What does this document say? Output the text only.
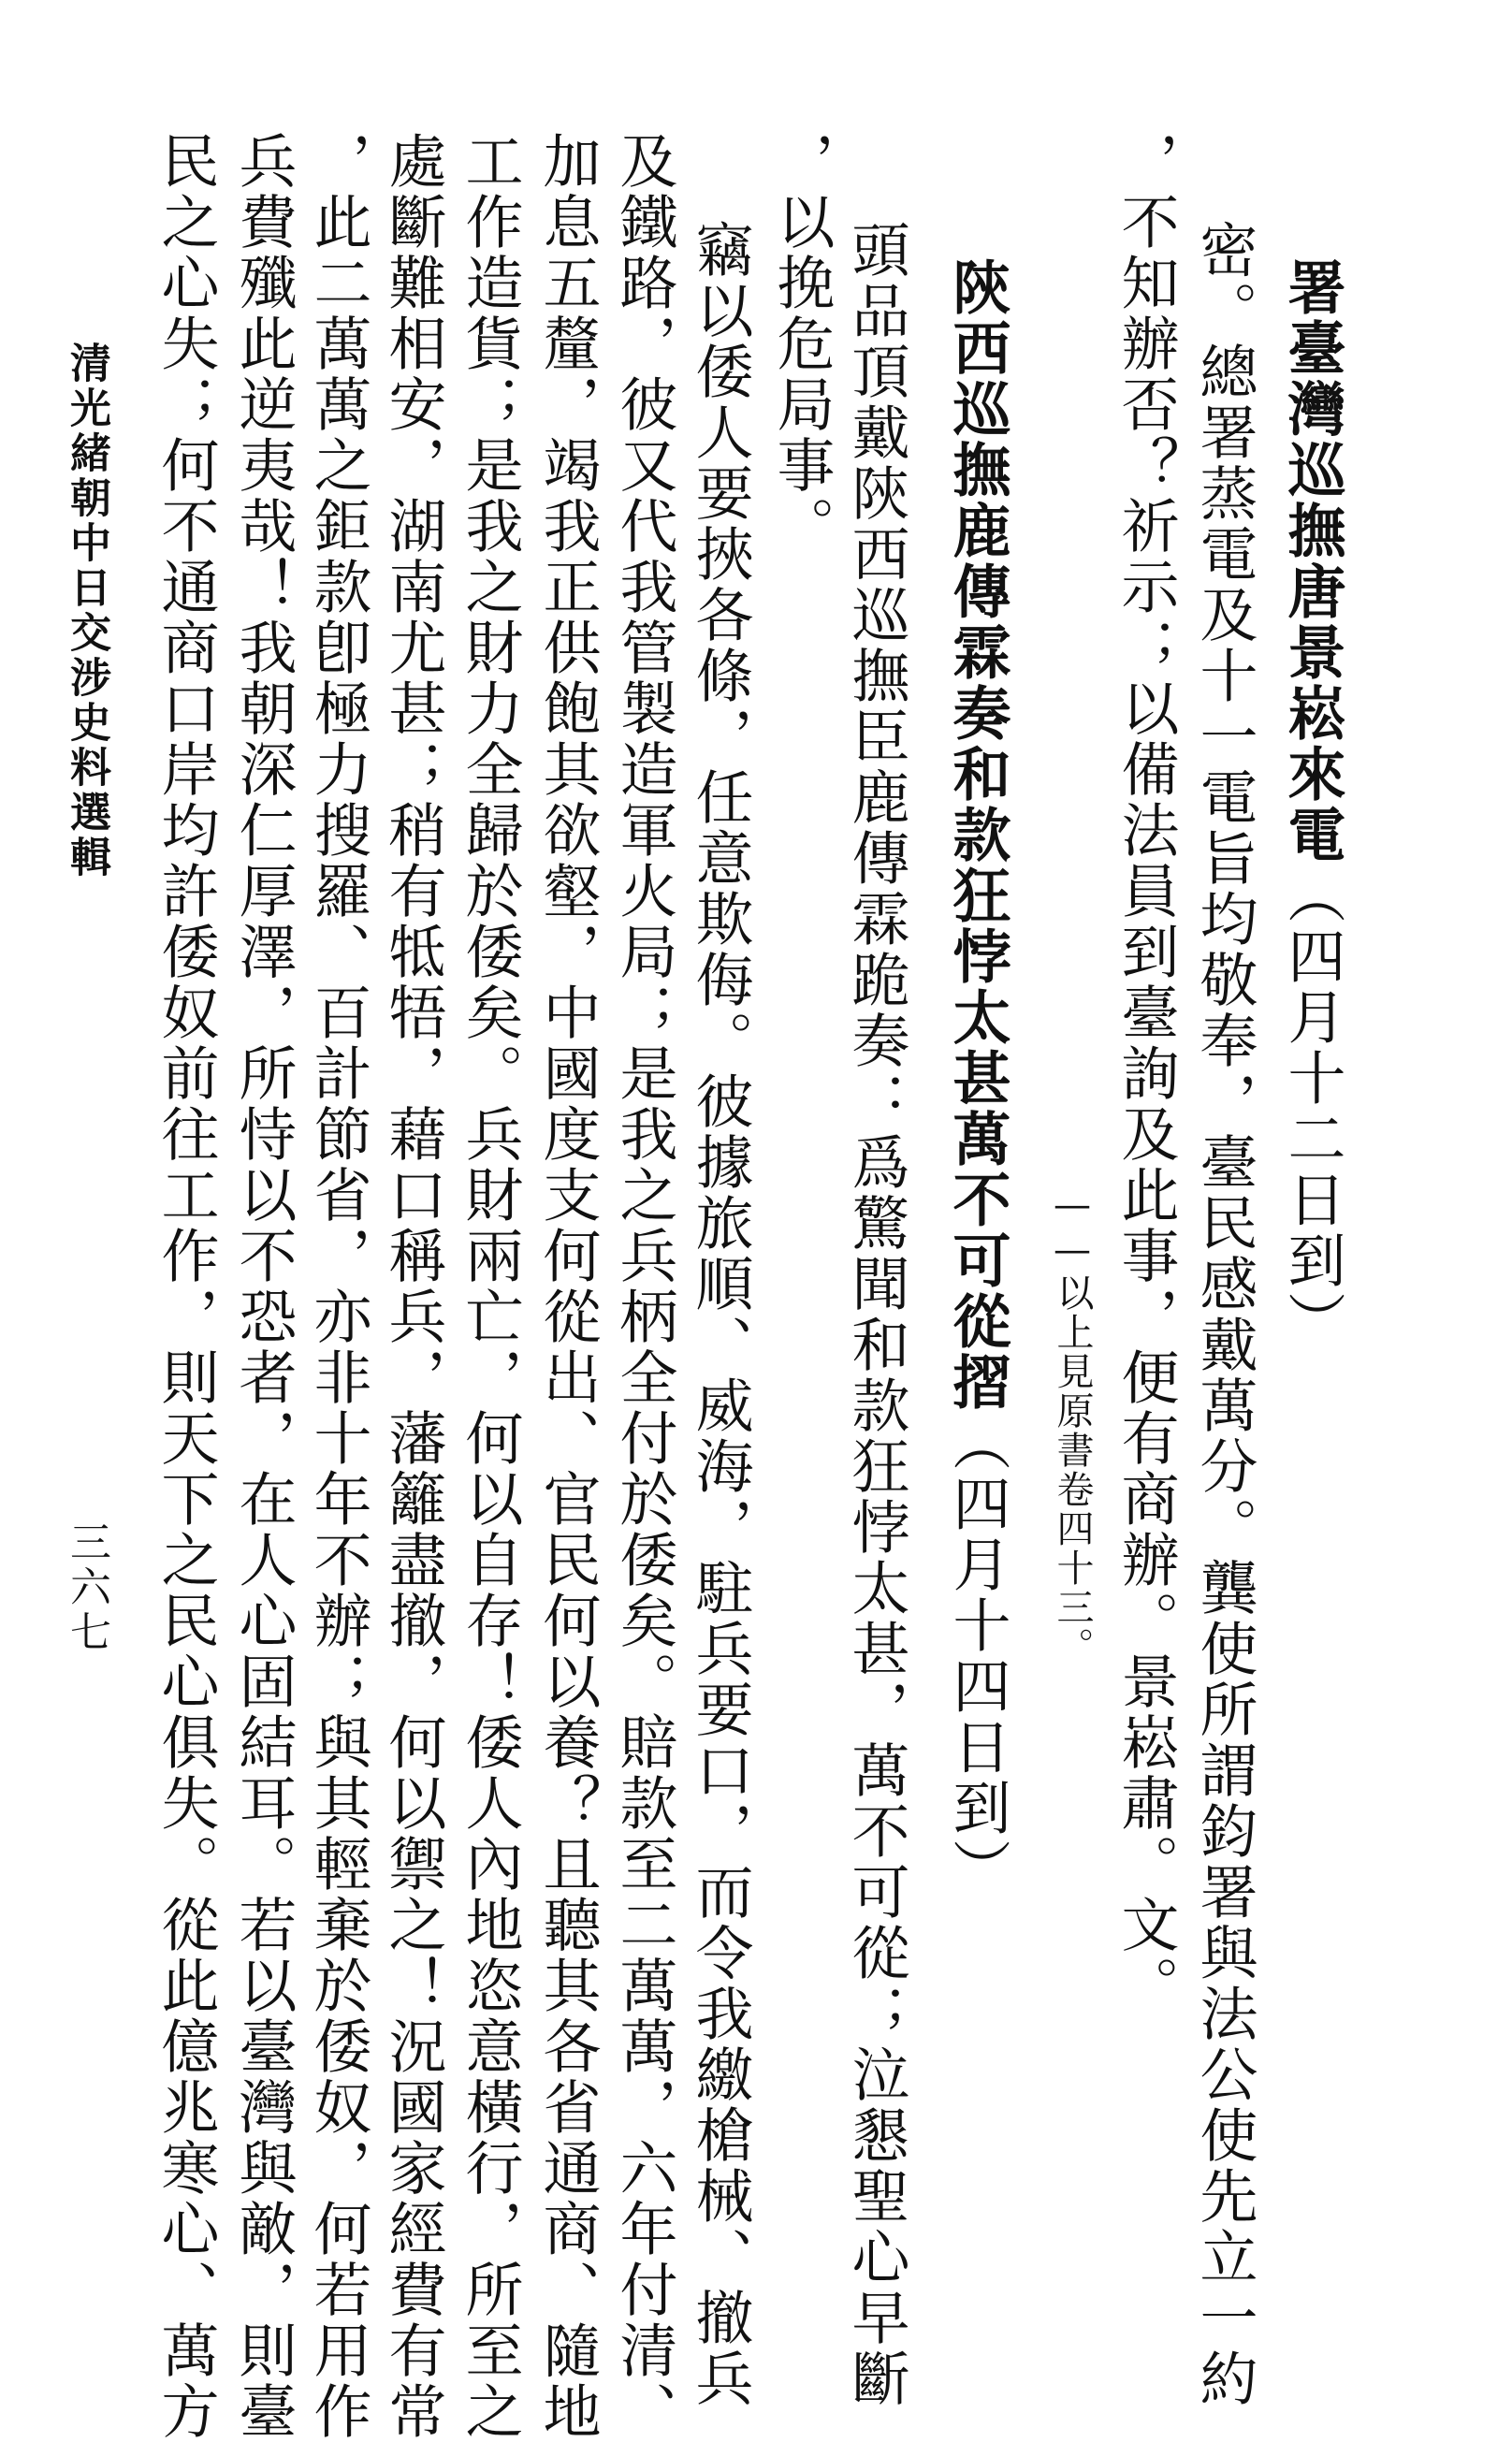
署臺灣巡撫唐景崧來電（四月十二日到）
密。總署蒸電及十一電旨均敬奉，臺民感戴萬分。龔使所謂鈞署與法公使先立一約
，不知辦否？祈示；以備法員到臺詢及此事，便有商辦。景崧肅。文。
——以上見原書卷四十三。
陝西巡撫鹿傳霖奏和款狂悖太甚萬不可從摺（四月十四日到）
頭品頂戴陝西巡撫臣鹿傳霖跪奏：爲驚聞和款狂悖太甚，萬不可從；泣懇聖心早斷
，以挽危局事。
竊以倭人要挾各條，任意欺侮。彼據旅順、威海，駐兵要口，而令我繳槍械、撤兵
及鐵路，彼又代我管製造軍火局；是我之兵柄全付於倭矣。賠款至二萬萬，六年付清、
加息五釐，竭我正供飽其欲壑，中國度支何從出、官民何以養？且聽其各省通商、隨地
工作造貨；是我之財力全歸於倭矣。兵財兩亡，何以自存！倭人內地恣意橫行，所至之
處斷難相安，湖南尤甚；稍有牴牾，藉口稱兵，藩籬盡撤，何以禦之！況國家經費有常
，此二萬萬之鉅款卽極力搜羅、百計節省，亦非十年不辦；與其輕棄於倭奴，何若用作
兵費殲此逆夷哉！我朝深仁厚澤，所恃以不恐者，在人心固結耳。若以臺灣與敵，則臺
民之心失；何不通商口岸均許倭奴前往工作，則天下之民心俱失。從此億兆寒心、萬方
清光緒朝中日交涉史料選輯
三六七
